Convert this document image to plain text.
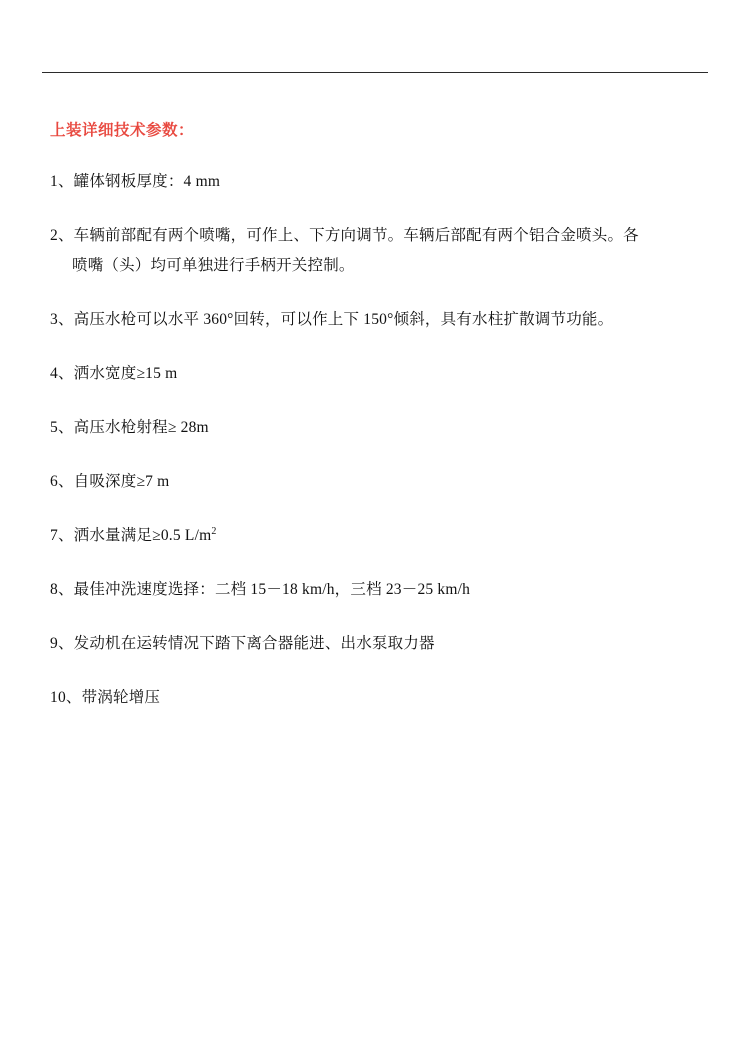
上装详细技术参数：

1、罐体钢板厚度：4 mm

2、车辆前部配有两个喷嘴，可作上、下方向调节。车辆后部配有两个铝合金喷头。各
喷嘴（头）均可单独进行手柄开关控制。

3、高压水枪可以水平 360°回转，可以作上下 150°倾斜，具有水柱扩散调节功能。

4、洒水宽度≥15 m

5、高压水枪射程≥ 28m

6、自吸深度≥7 m

7、洒水量满足≥0.5 $L/m^2$

8、最佳冲洗速度选择：二档 15－18 km/h，三档 23－25 km/h

9、发动机在运转情况下踏下离合器能进、出水泵取力器

10、带涡轮增压
